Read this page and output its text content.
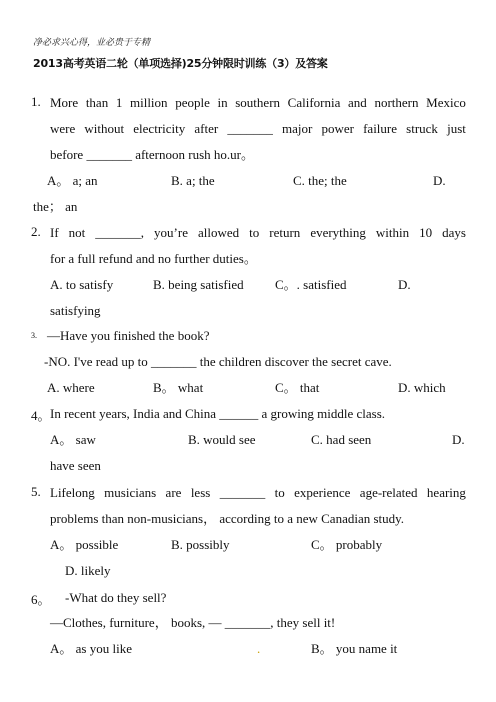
净必求兴心得，业必贵于专精
2013高考英语二轮（单项选择)25分钟限时训练（3）及答案
1. More than 1 million people in southern California and northern Mexico
were without electricity after _______ major power failure struck just
before _______ afternoon rush ho.ur。
A。 a; an	B. a; the	C. the; the	D.
the； an
2. If not _______, you’re allowed to return everything within 10 days
for a full refund and no further duties。
A. to satisfy	B. being satisfied C。. satisfied	D.
satisfying
3. —Have you finished the book?
-NO. I've read up to _______ the children discover the secret cave.
A. where	B。 what	C。 that	D. which
4。 In recent years, India and China ______ a growing middle class.
A。 saw	B. would see	C. had seen	D.
have seen
5. Lifelong musicians are less _______ to experience age-related hearing
problems than non-musicians， according to a new Canadian study.
A。 possible	B. possibly	C。 probably
D. likely
6。 -What do they sell?
—Clothes, furniture， books, — _______, they sell it!
A。 as you like	.	B。 you name it
